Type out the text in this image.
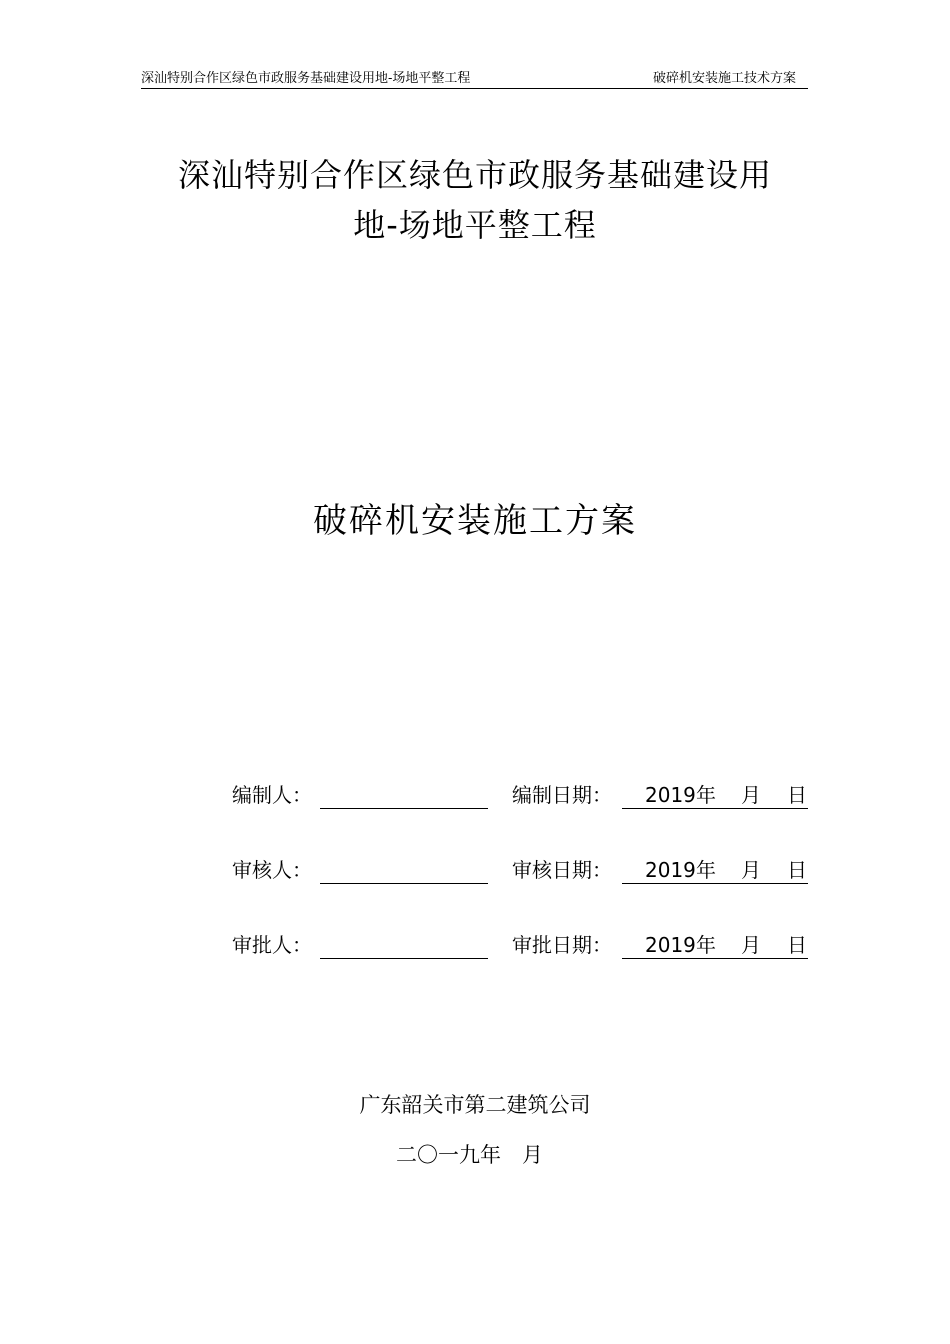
深汕特别合作区绿色市政服务基础建设用地-场地平整工程	破碎机安装施工技术方案
深汕特别合作区绿色市政服务基础建设用
地-场地平整工程
破碎机安装施工方案
编制人：	编制日期： 2019 年 月 日
审核人：	审核日期： 2019 年 月 日
审批人：	审批日期： 2019 年 月 日
广东韶关市第二建筑公司
二〇一九年　月
